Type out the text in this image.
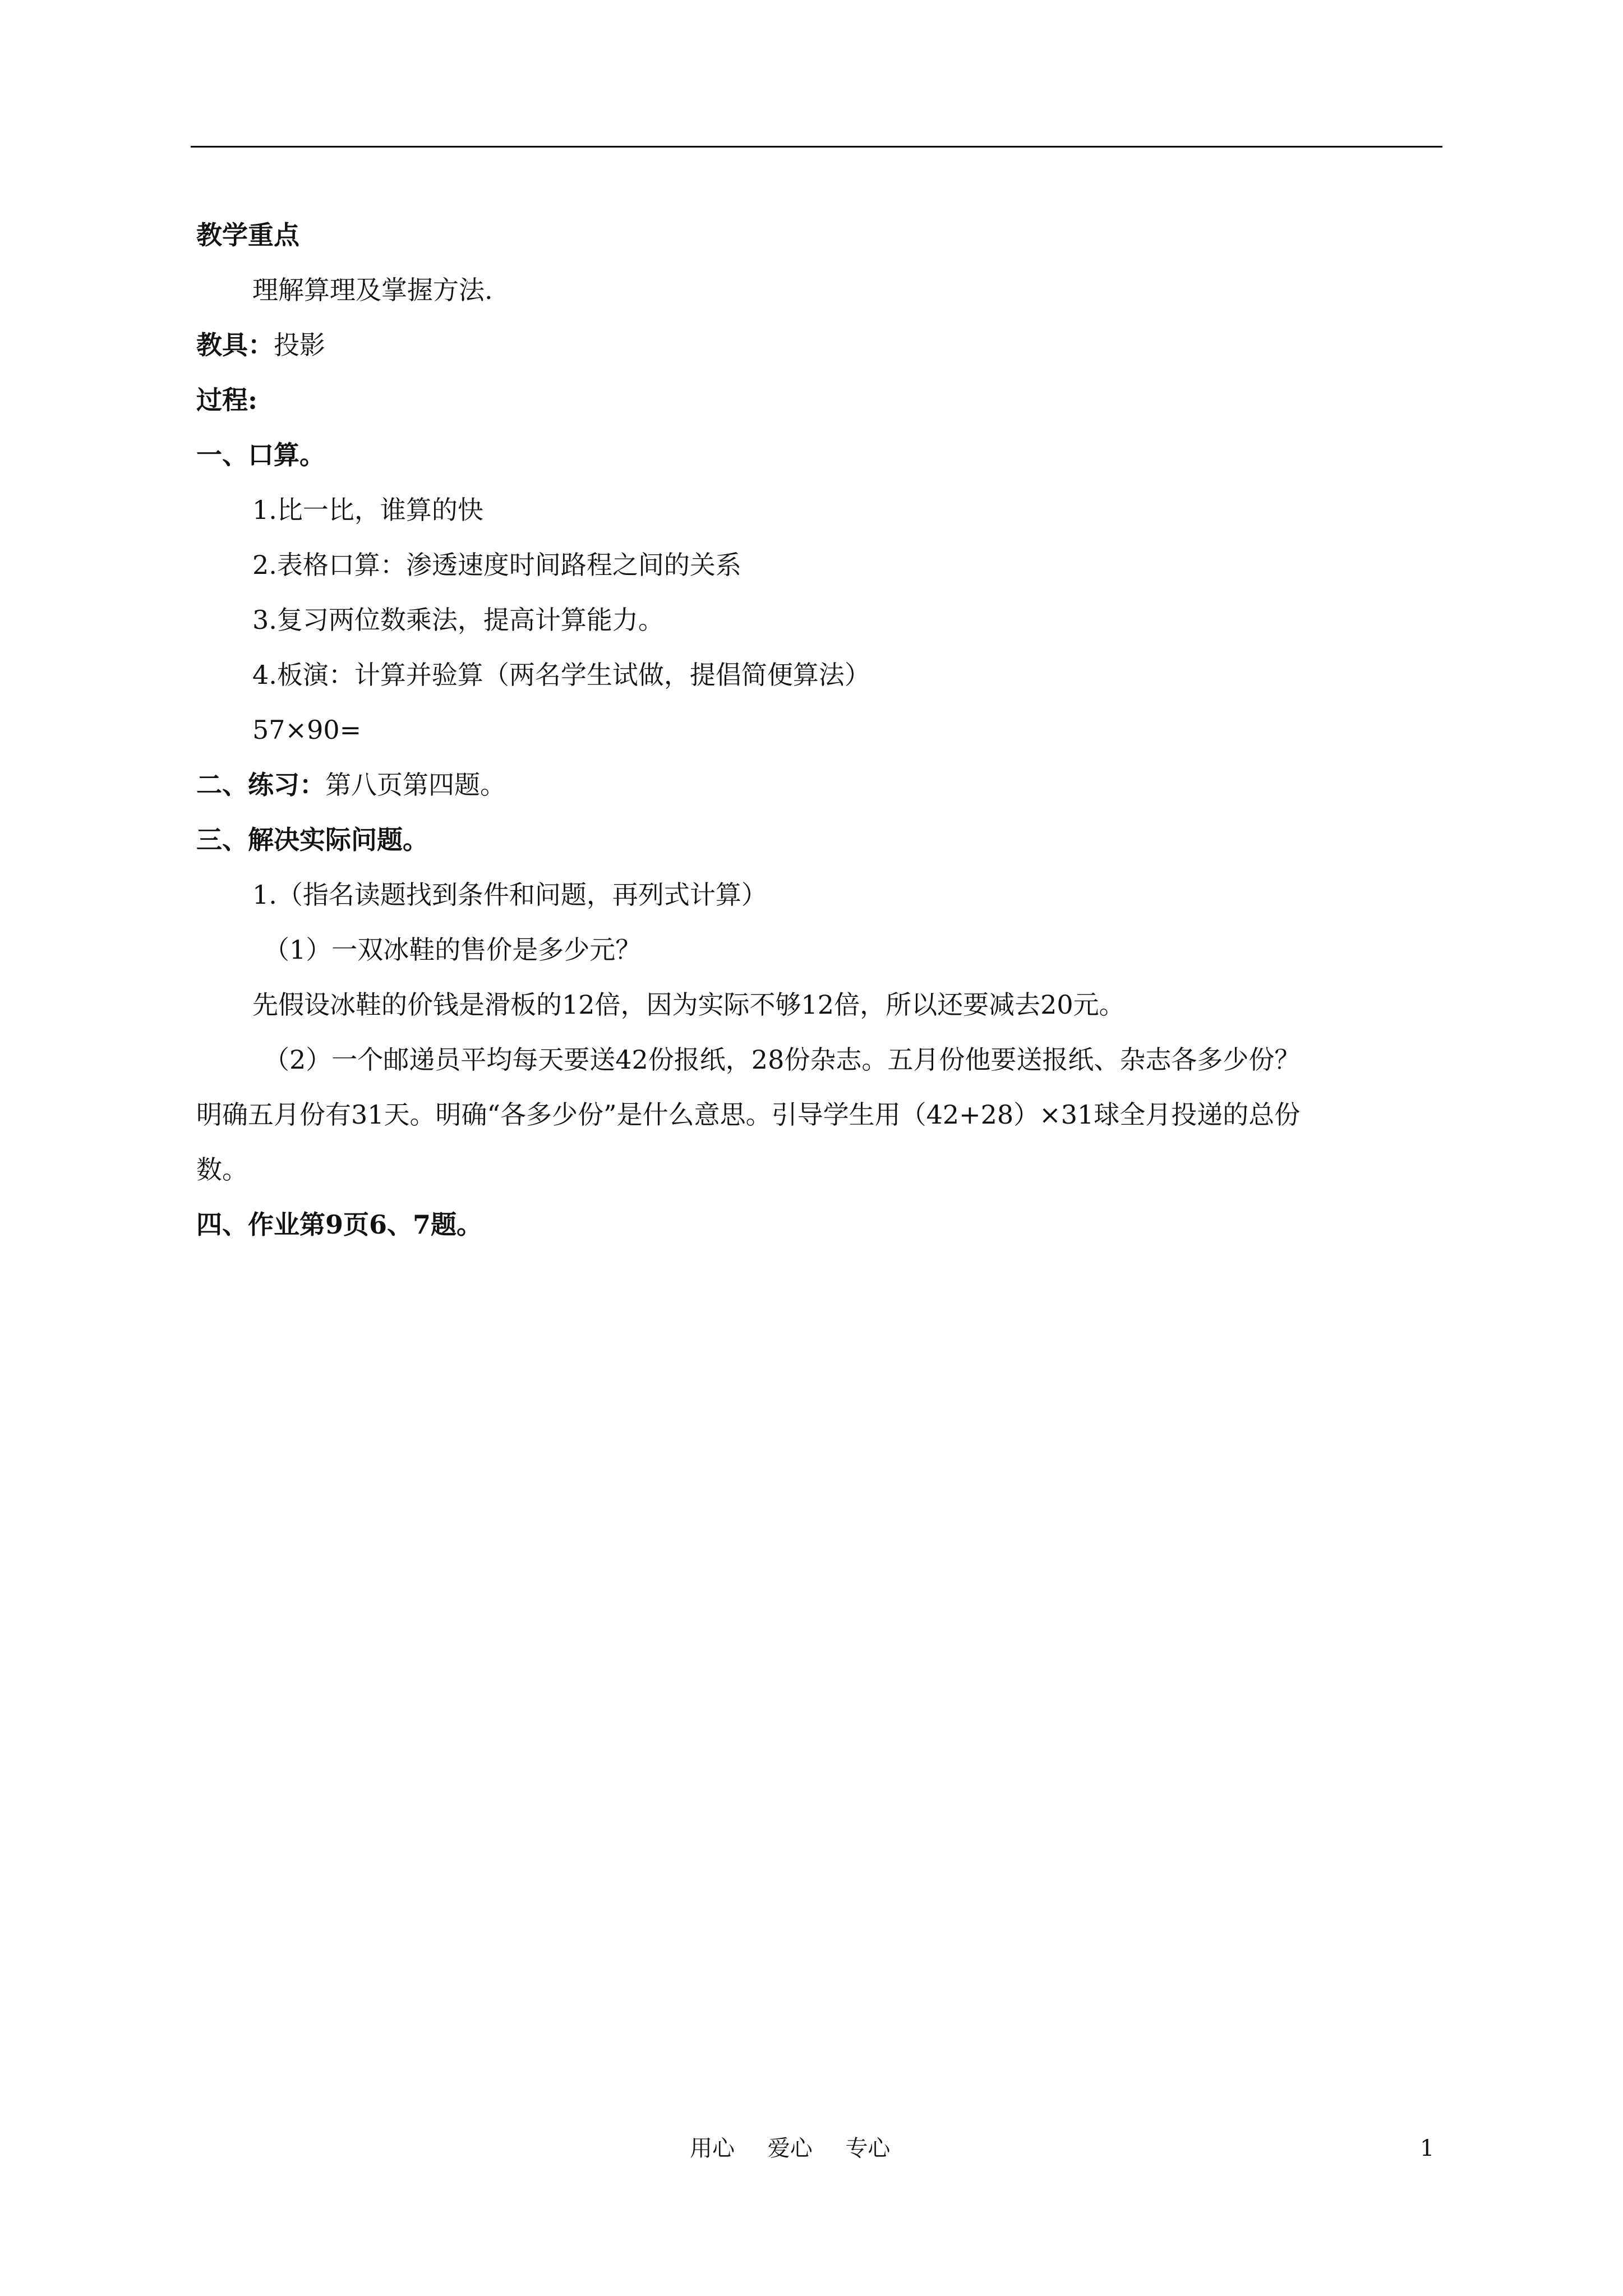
教学重点
理解算理及掌握方法.
教具：投影
过程:
一、口算。
1.比一比，谁算的快
2.表格口算：渗透速度时间路程之间的关系
3.复习两位数乘法，提高计算能力。
4.板演：计算并验算（两名学生试做，提倡简便算法）
57×90=
二、练习：第八页第四题。
三、解决实际问题。
1.（指名读题找到条件和问题，再列式计算）
（1）一双冰鞋的售价是多少元？
先假设冰鞋的价钱是滑板的12倍，因为实际不够12倍，所以还要减去20元。
（2）一个邮递员平均每天要送42份报纸，28份杂志。五月份他要送报纸、杂志各多少份？
明确五月份有31天。明确“各多少份”是什么意思。引导学生用（42+28）×31球全月投递的总份
数。
四、作业第9页6、7题。
用心 爱心 专心	1
